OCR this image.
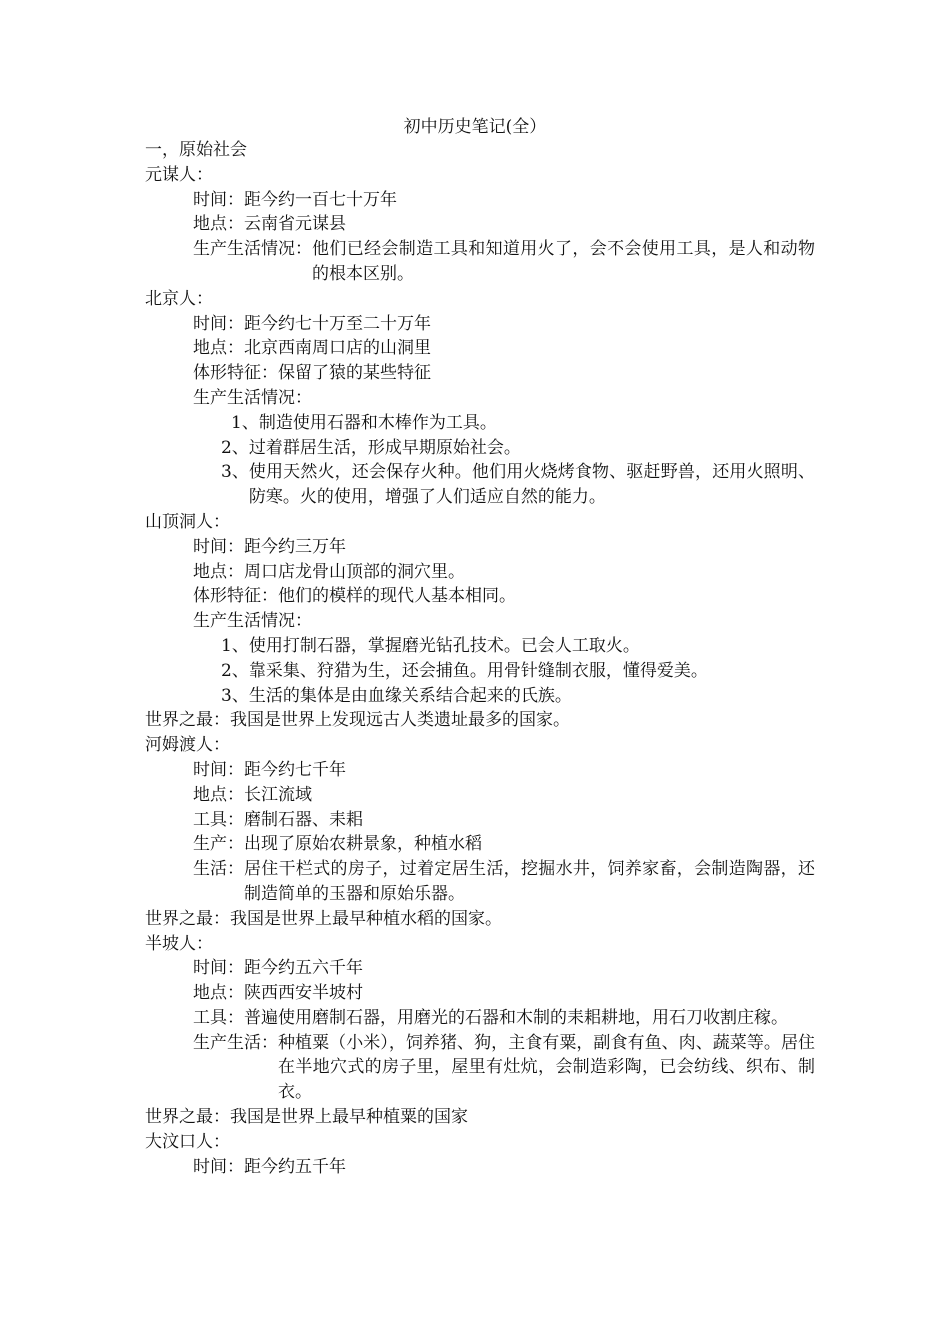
初中历史笔记(全）
一，原始社会
元谋人：
时间：距今约一百七十万年
地点：云南省元谋县
生产生活情况： 他们已经会制造工具和知道用火了，会不会使用工具，是人和动物的根本区别。
北京人：
时间：距今约七十万至二十万年
地点：北京西南周口店的山洞里
体形特征：保留了猿的某些特征
生产生活情况：
1、制造使用石器和木棒作为工具。
2、过着群居生活，形成早期原始社会。
3、 使用天然火，还会保存火种。他们用火烧烤食物、驱赶野兽，还用火照明、防寒。火的使用，增强了人们适应自然的能力。
山顶洞人：
时间：距今约三万年
地点：周口店龙骨山顶部的洞穴里。
体形特征：他们的模样的现代人基本相同。
生产生活情况：
1、使用打制石器，掌握磨光钻孔技术。已会人工取火。
2、靠采集、狩猎为生，还会捕鱼。用骨针缝制衣服，懂得爱美。
3、生活的集体是由血缘关系结合起来的氏族。
世界之最：我国是世界上发现远古人类遗址最多的国家。
河姆渡人：
时间：距今约七千年
地点：长江流域
工具：磨制石器、耒耜
生产：出现了原始农耕景象，种植水稻
生活： 居住干栏式的房子，过着定居生活，挖掘水井，饲养家畜，会制造陶器，还制造简单的玉器和原始乐器。
世界之最：我国是世界上最早种植水稻的国家。
半坡人：
时间：距今约五六千年
地点：陕西西安半坡村
工具： 普遍使用磨制石器，用磨光的石器和木制的耒耜耕地，用石刀收割庄稼。
生产生活： 种植粟（小米），饲养猪、狗，主食有粟，副食有鱼、肉、蔬菜等。居住在半地穴式的房子里，屋里有灶炕，会制造彩陶，已会纺线、织布、制衣。
世界之最：我国是世界上最早种植粟的国家
大汶口人：
时间：距今约五千年
